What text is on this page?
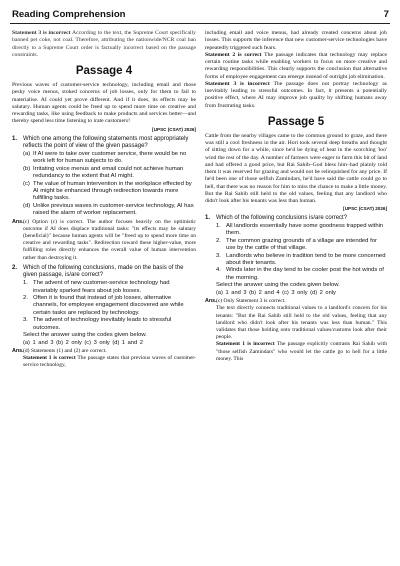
Reading Comprehension	7
Statement 3 is incorrect According to the text, the Supreme Court specifically banned pet coke, not coal. Therefore, attributing the nationwide/NCR coal ban directly to a Supreme Court order is factually incorrect based on the passage constraints.
Passage 4
Previous waves of customer-service technology, including email and those pesky voice menus, stoked concerns of job losses, only for them to fail to materialise. AI could yet prove different. And if it does, its effects may be salutary. Human agents could be freed up to spend more time on creative and rewarding tasks, like using feedback to make products and services better—and thereby spend less time listening to irate customers!
[UPSC (CSAT) 2026]
1. Which one among the following statements most appropriately reflects the point of view of the given passage?
(a) If AI were to take over customer service, there would be no work left for human subjects to do.
(b) Irritating voice menus and email could not achieve human redundancy to the extent that AI might.
(c) The value of human intervention in the workplace effected by AI might be enhanced through redirection towards more fulfilling tasks.
(d) Unlike previous waves in customer-service technology, AI has raised the alarm of worker replacement.
Ans. (c) Option (c) is correct. The author focuses heavily on the optimistic outcome if AI does displace traditional tasks: "its effects may be salutary (beneficial)" because human agents will be "freed up to spend more time on creative and rewarding tasks". Redirection toward these higher-value, more fulfilling roles directly enhances the overall value of human intervention rather than destroying it.
2. Which of the following conclusions, made on the basis of the given passage, is/are correct?
1. The advent of new customer-service technology had invariably sparked fears about job losses.
2. Often it is found that instead of job losses, alternative channels, for employee engagement discovered are while certain tasks are replaced by technology.
3. The advent of technology inevitably leads to stressful outcomes.
Select the answer using the codes given below.
(a) 1 and 3 (b) 2 only (c) 3 only (d) 1 and 2
Ans. (d) Statements (1) and (2) are correct.
Statement 1 is correct The passage states that previous waves of customer-service technology,
including email and voice menus, had already created concerns about job losses. This supports the inference that new customer-service technologies have repeatedly triggered such fears.
Statement 2 is correct The passage indicates that technology may replace certain routine tasks while enabling workers to focus on more creative and rewarding responsibilities. This clearly supports the conclusion that alternative forms of employee engagement can emerge instead of outright job elimination.
Statement 3 is incorrect The passage does not portray technology as inevitably leading to stressful outcomes. In fact, it presents a potentially positive effect, where AI may improve job quality by shifting humans away from frustrating tasks.
Passage 5
Cattle from the nearby villages came to the common ground to graze, and there was still a cool freshness in the air. Hori took several deep breaths and thought of sitting down for a while, since he'd be dying of heat in the scorching 'loo' wind the rest of the day. A number of farmers were eager to farm this bit of land and had offered a good price, but Rai Sahib–God bless him–had plainly told them it was reserved for grazing and would not be relinquished for any price. If he'd been one of those selfish Zamindars, he'd have said the cattle could go to hell, that there was no reason for him to miss the chance to make a little money. But the Rai Sahib still held to the old values, feeling that any landlord who didn't look after his tenants was less than human.
[UPSC (CSAT) 2026]
1. Which of the following conclusions is/are correct?
1. All landlords essentially have some goodness trapped within them.
2. The common grazing grounds of a village are intended for use by the cattle of that village.
3. Landlords who believe in tradition tend to be more concerned about their tenants.
4. Winds later in the day tend to be cooler post the hot winds of the morning.
Select the answer using the codes given below.
(a) 1 and 3 (b) 2 and 4 (c) 3 only (d) 2 only
Ans. (c) Only Statement 3 is correct.
The text directly connects traditional values to a landlord's concern for his tenants: "But the Rai Sahib still held to the old values, feeling that any landlord who didn't look after his tenants was less than human." This validates that those holding onto traditional values/customs look after their people.
Statement 1 is incorrect The passage explicitly contrasts Rai Sahib with "those selfish Zamindars" who would let the cattle go to hell for a little money. This
